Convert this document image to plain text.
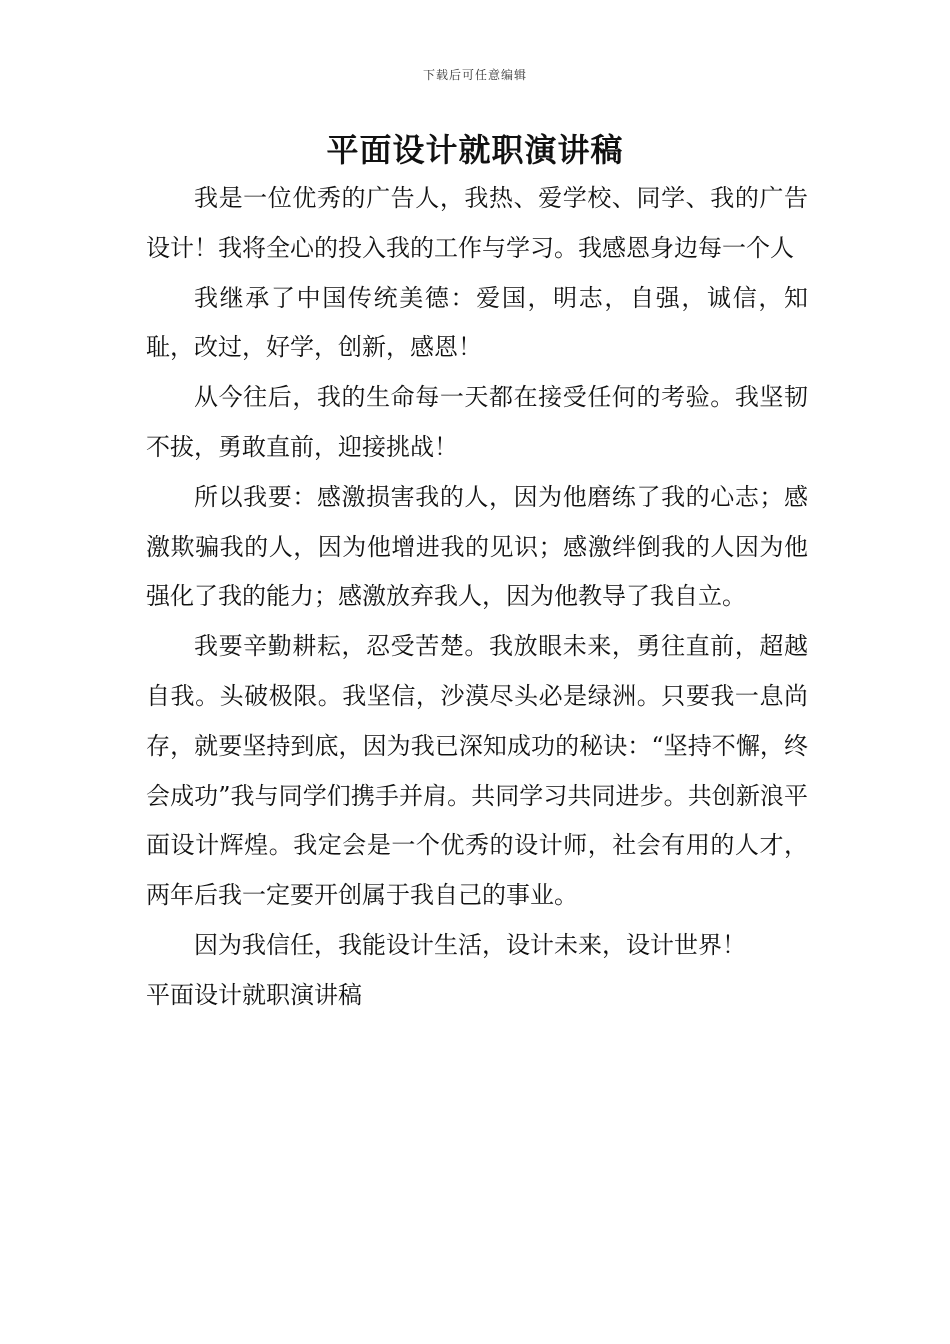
下载后可任意编辑
平面设计就职演讲稿

我是一位优秀的广告人，我热、爱学校、同学、我的广告设计！我将全心的投入我的工作与学习。我感恩身边每一个人

我继承了中国传统美德：爱国，明志，自强，诚信，知耻，改过，好学，创新，感恩！

从今往后，我的生命每一天都在接受任何的考验。我坚韧不拔，勇敢直前，迎接挑战！

所以我要：感激损害我的人，因为他磨练了我的心志；感激欺骗我的人，因为他增进我的见识；感激绊倒我的人因为他强化了我的能力；感激放弃我人，因为他教导了我自立。

我要辛勤耕耘，忍受苦楚。我放眼未来，勇往直前，超越自我。头破极限。我坚信，沙漠尽头必是绿洲。只要我一息尚存，就要坚持到底，因为我已深知成功的秘诀：“坚持不懈，终会成功”我与同学们携手并肩。共同学习共同进步。共创新浪平面设计辉煌。我定会是一个优秀的设计师，社会有用的人才，两年后我一定要开创属于我自己的事业。

因为我信任，我能设计生活，设计未来，设计世界！

平面设计就职演讲稿
